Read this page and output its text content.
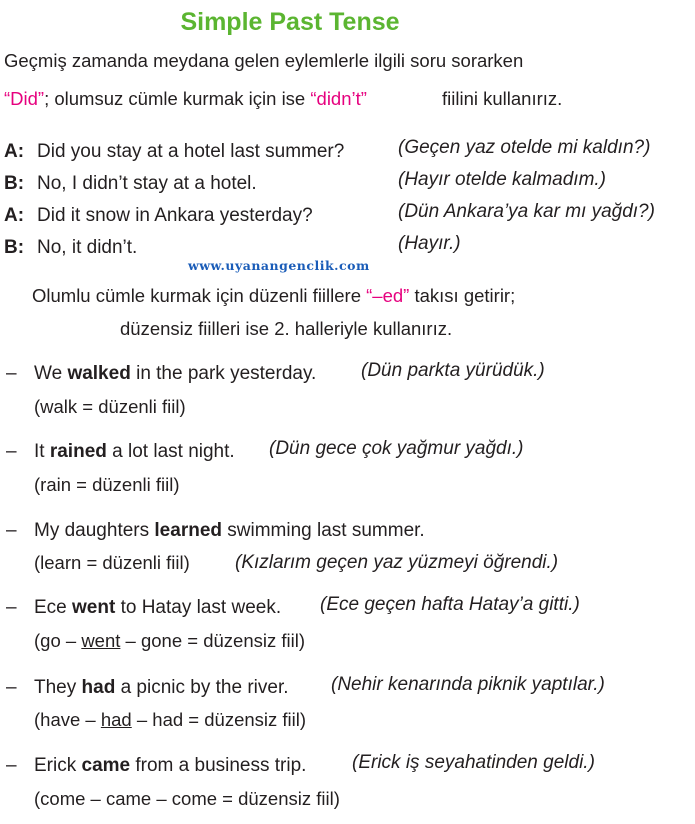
Simple Past Tense
Geçmiş zamanda meydana gelen eylemlerle ilgili soru sorarken
“Did”; olumsuz cümle kurmak için ise “didn’t”	fiilini kullanırız.
A: Did you stay at a hotel last summer?	(Geçen yaz otelde mi kaldın?)
B: No, I didn’t stay at a hotel.	(Hayır otelde kalmadım.)
A: Did it snow in Ankara yesterday?	(Dün Ankara’ya kar mı yağdı?)
B: No, it didn’t.	(Hayır.)
www.uyanangenclik.com
Olumlu cümle kurmak için düzenli fiillere “–ed” takısı getirir;
düzensiz fiilleri ise 2. halleriyle kullanırız.
– We walked in the park yesterday. (Dün parkta yürüdük.)
(walk = düzenli fiil)
– It rained a lot last night. (Dün gece çok yağmur yağdı.)
(rain = düzenli fiil)
– My daughters learned swimming last summer.
(learn = düzenli fiil) (Kızlarım geçen yaz yüzmeyi öğrendi.)
– Ece went to Hatay last week. (Ece geçen hafta Hatay’a gitti.)
(go – went – gone = düzensiz fiil)
– They had a picnic by the river. (Nehir kenarında piknik yaptılar.)
(have – had – had = düzensiz fiil)
– Erick came from a business trip. (Erick iş seyahatinden geldi.)
(come – came – come = düzensiz fiil)
